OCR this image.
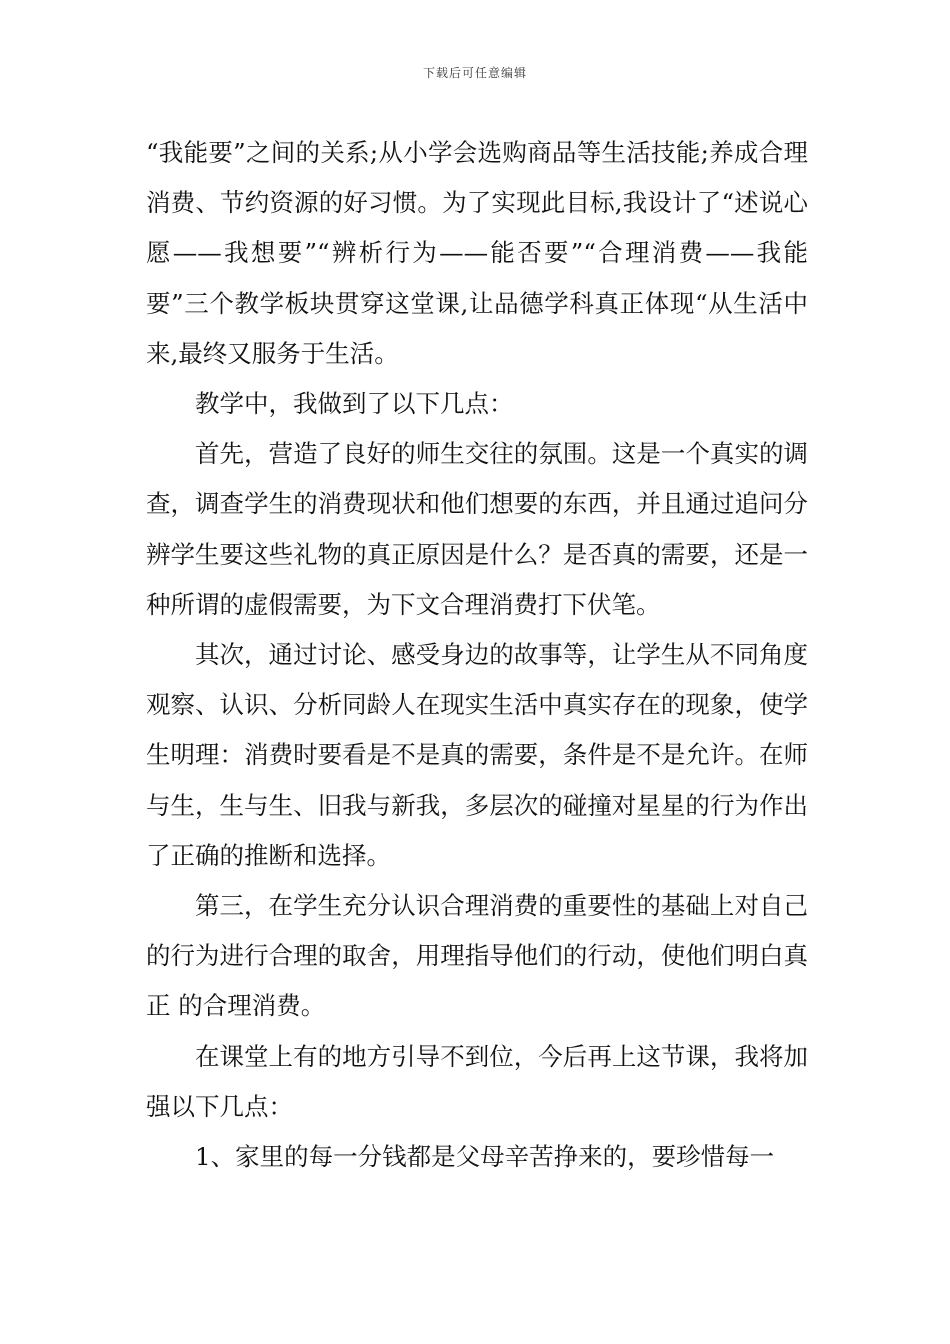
下载后可任意编辑

“我能要”之间的关系;从小学会选购商品等生活技能;养成合理消费、节约资源的好习惯。为了实现此目标,我设计了“述说心愿——我想要”“辨析行为——能否要”“合理消费——我能要”三个教学板块贯穿这堂课,让品德学科真正体现“从生活中来,最终又服务于生活。

教学中，我做到了以下几点：

首先，营造了良好的师生交往的氛围。这是一个真实的调查，调查学生的消费现状和他们想要的东西，并且通过追问分辨学生要这些礼物的真正原因是什么？是否真的需要，还是一种所谓的虚假需要，为下文合理消费打下伏笔。

其次，通过讨论、感受身边的故事等，让学生从不同角度观察、认识、分析同龄人在现实生活中真实存在的现象，使学生明理：消费时要看是不是真的需要，条件是不是允许。在师与生，生与生、旧我与新我，多层次的碰撞对星星的行为作出了正确的推断和选择。

第三，在学生充分认识合理消费的重要性的基础上对自己的行为进行合理的取舍，用理指导他们的行动，使他们明白真正 的合理消费。

在课堂上有的地方引导不到位，今后再上这节课，我将加强以下几点：

1、家里的每一分钱都是父母辛苦挣来的，要珍惜每一
